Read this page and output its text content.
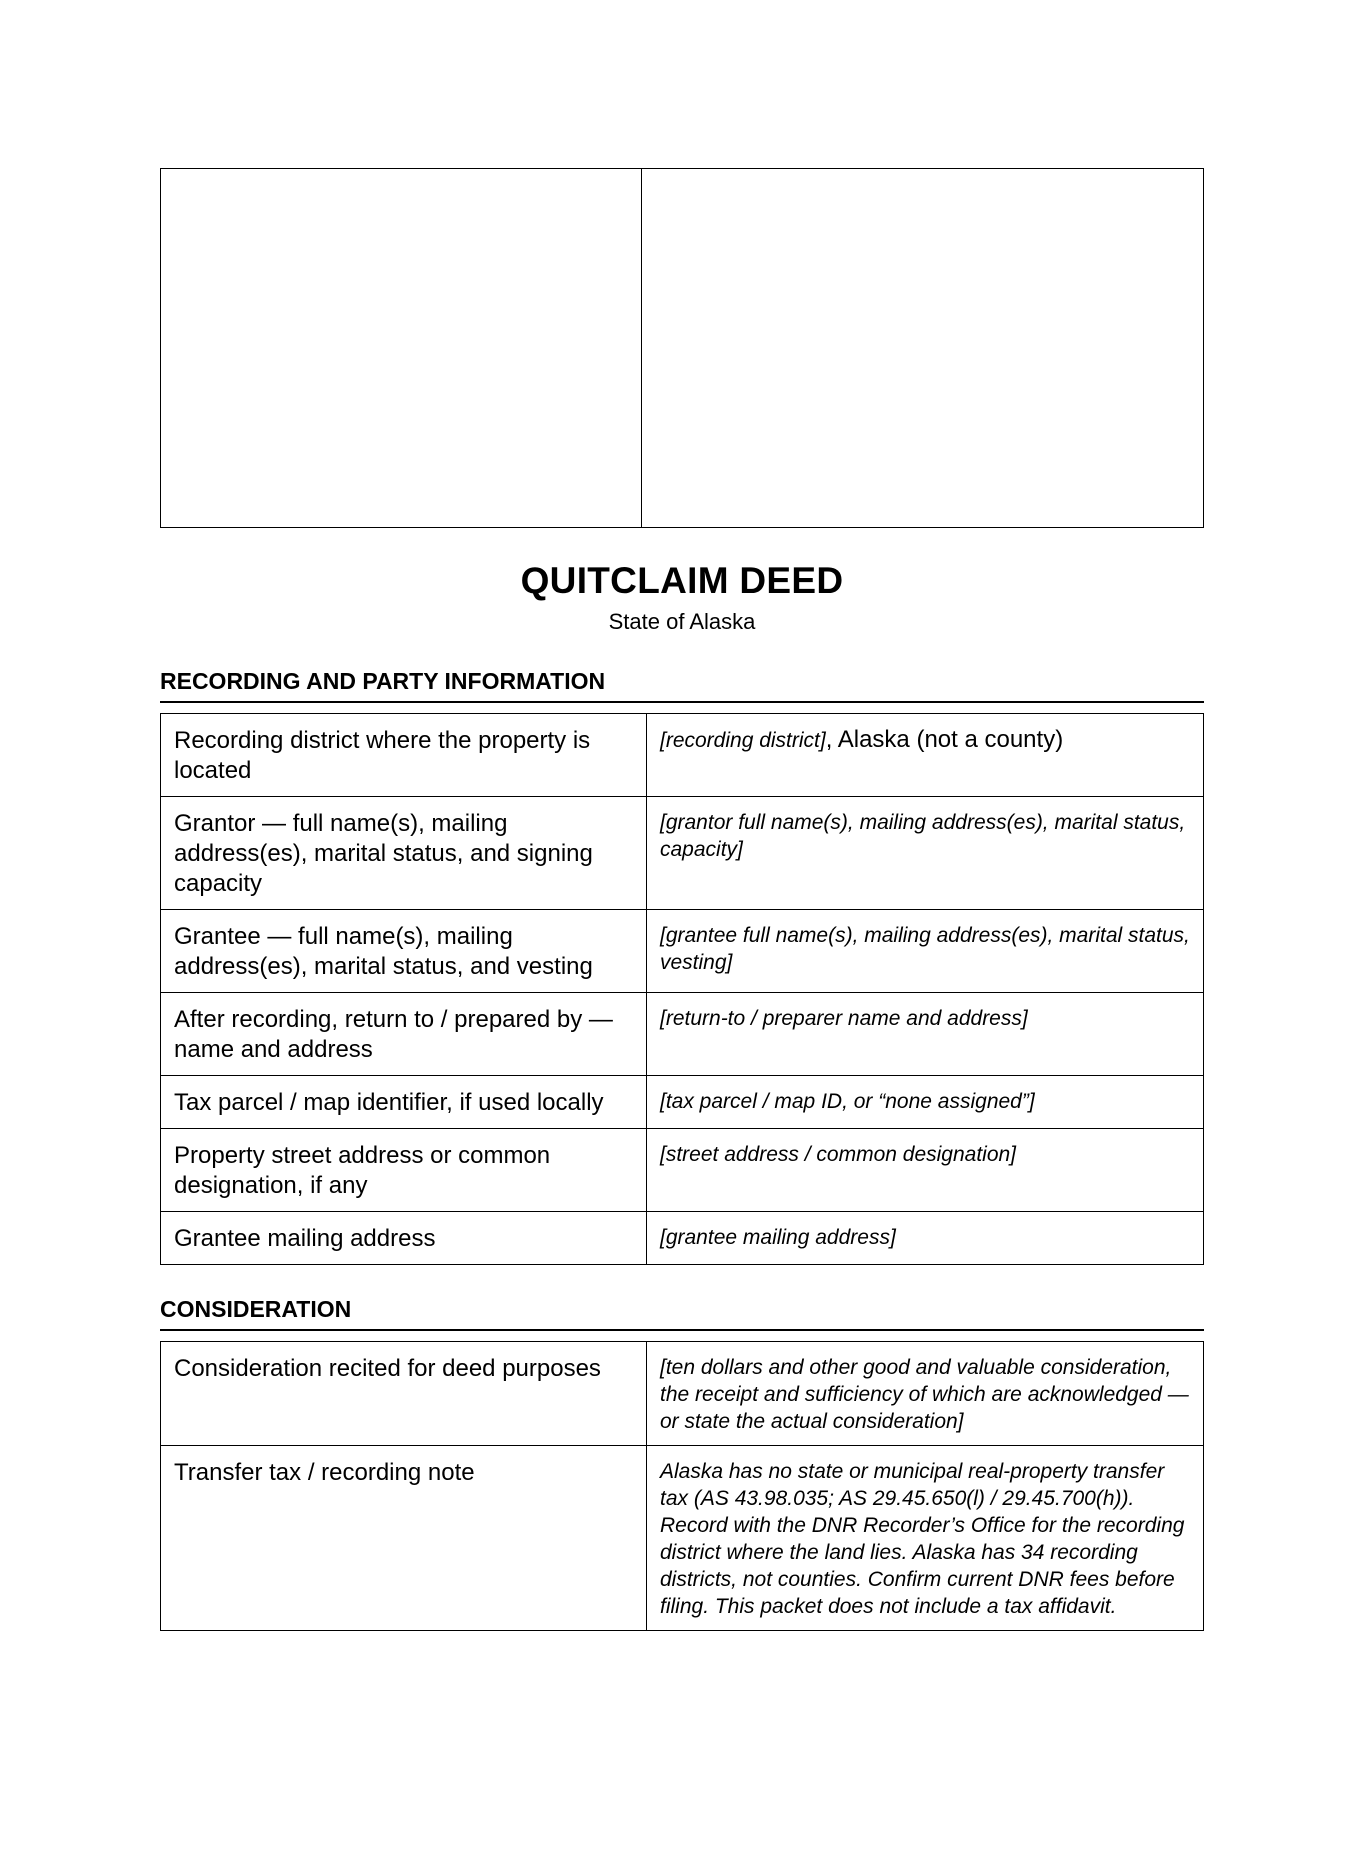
QUITCLAIM DEED
State of Alaska
RECORDING AND PARTY INFORMATION
Recording district where the property is located	[recording district], Alaska (not a county)
Grantor — full name(s), mailing address(es), marital status, and signing capacity	[grantor full name(s), mailing address(es), marital status, capacity]
Grantee — full name(s), mailing address(es), marital status, and vesting	[grantee full name(s), mailing address(es), marital status, vesting]
After recording, return to / prepared by — name and address	[return-to / preparer name and address]
Tax parcel / map identifier, if used locally	[tax parcel / map ID, or “none assigned”]
Property street address or common designation, if any	[street address / common designation]
Grantee mailing address	[grantee mailing address]
CONSIDERATION
Consideration recited for deed purposes	[ten dollars and other good and valuable consideration, the receipt and sufficiency of which are acknowledged — or state the actual consideration]
Transfer tax / recording note	Alaska has no state or municipal real-property transfer tax (AS 43.98.035; AS 29.45.650(l) / 29.45.700(h)). Record with the DNR Recorder’s Office for the recording district where the land lies. Alaska has 34 recording districts, not counties. Confirm current DNR fees before filing. This packet does not include a tax affidavit.
